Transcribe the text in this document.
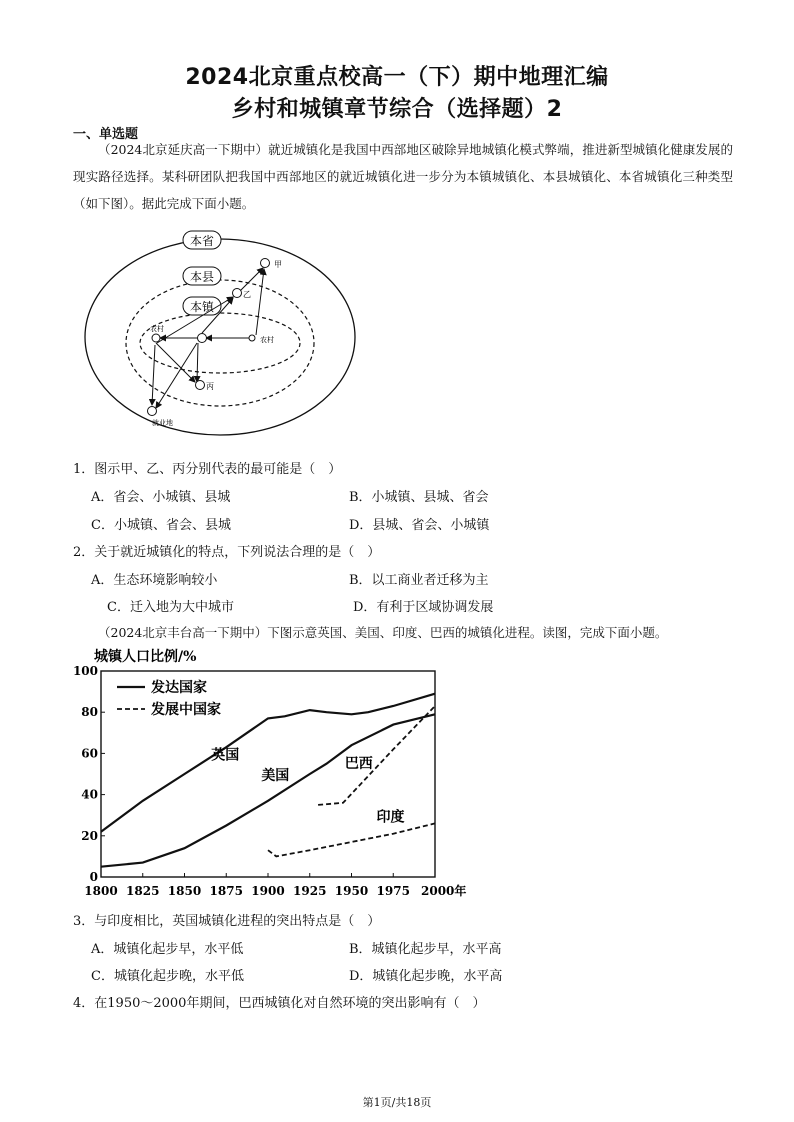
2024北京重点校高一（下）期中地理汇编
乡村和城镇章节综合（选择题）2
一、单选题

（2024北京延庆高一下期中）就近城镇化是我国中西部地区破除异地城镇化模式弊端，推进新型城镇化健康发展的现实路径选择。某科研团队把我国中西部地区的就近城镇化进一步分为本镇城镇化、本县城镇化、本省城镇化三种类型（如下图）。据此完成下面小题。

本省
本县
本镇
甲
乙
丙
农村
农村
就业地
1．图示甲、乙、丙分别代表的最可能是（　）
A．省会、小城镇、县城	B．小城镇、县城、省会
C．小城镇、省会、县城	D．县城、省会、小城镇
2．关于就近城镇化的特点，下列说法合理的是（　）
A．生态环境影响较小	B．以工商业者迁移为主
C．迁入地为大中城市	D．有利于区域协调发展

（2024北京丰台高一下期中）下图示意英国、美国、印度、巴西的城镇化进程。读图，完成下面小题。

城镇人口比例/%
1800 1825 1850 1875 1900 1925 1950 1975 2000年
0
20
40
60
80
100
英国
美国
巴西
印度
发达国家
发展中国家
3．与印度相比，英国城镇化进程的突出特点是（　）
A．城镇化起步早，水平低	B．城镇化起步早，水平高
C．城镇化起步晚，水平低	D．城镇化起步晚，水平高
4．在1950～2000年期间，巴西城镇化对自然环境的突出影响有（　）
第1页/共18页
